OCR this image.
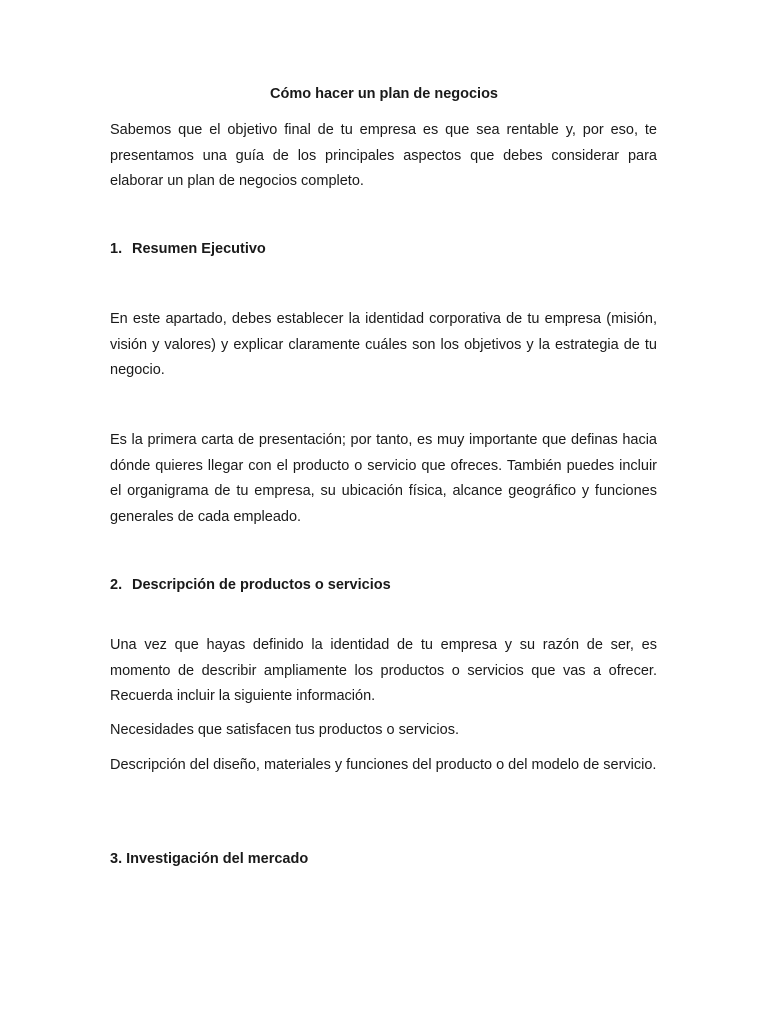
Cómo hacer un plan de negocios

Sabemos que el objetivo final de tu empresa es que sea rentable y, por eso, te presentamos una guía de los principales aspectos que debes considerar para elaborar un plan de negocios completo.

1. Resumen Ejecutivo

En este apartado, debes establecer la identidad corporativa de tu empresa (misión, visión y valores) y explicar claramente cuáles son los objetivos y la estrategia de tu negocio.

Es la primera carta de presentación; por tanto, es muy importante que definas hacia dónde quieres llegar con el producto o servicio que ofreces. También puedes incluir el organigrama de tu empresa, su ubicación física, alcance geográfico y funciones generales de cada empleado.

2. Descripción de productos o servicios

Una vez que hayas definido la identidad de tu empresa y su razón de ser, es momento de describir ampliamente los productos o servicios que vas a ofrecer. Recuerda incluir la siguiente información.

Necesidades que satisfacen tus productos o servicios.

Descripción del diseño, materiales y funciones del producto o del modelo de servicio.

3. Investigación del mercado
